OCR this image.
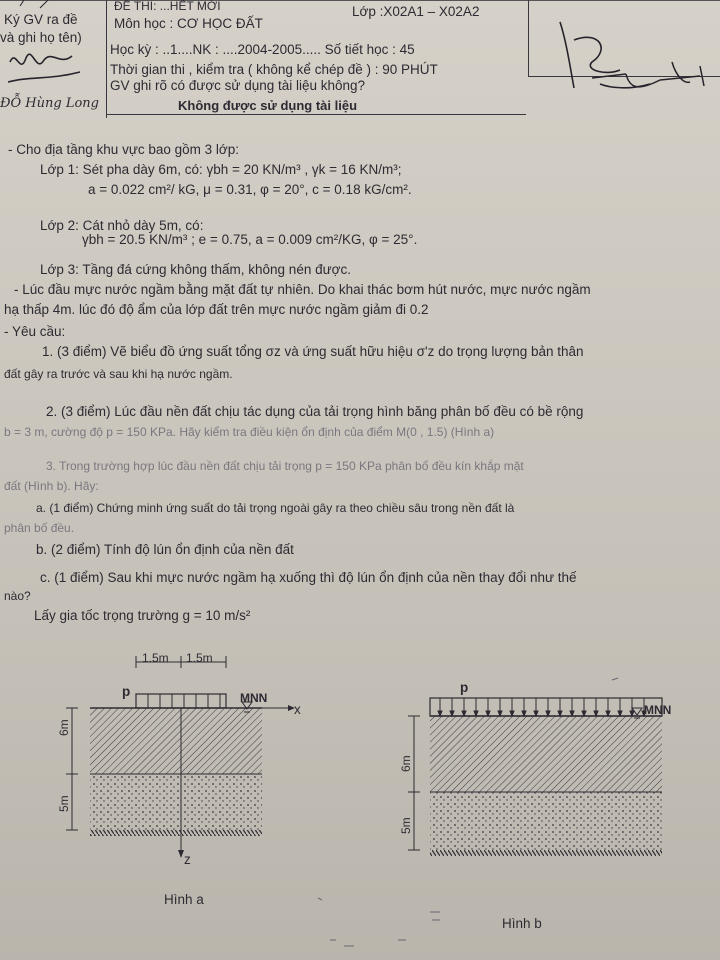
Ký GV ra đề
và ghi họ tên)
ĐỀ THI: ...HẾT MỚI	Lớp :X02A1 – X02A2
Môn học : CƠ HỌC ĐẤT
Học kỳ : ..1....NK : ....2004-2005..... Số tiết học : 45
Thời gian thi , kiểm tra ( không kể chép đề ) : 90 PHÚT
GV ghi rõ có được sử dụng tài liệu không?
Không được sử dụng tài liệu
ĐỖ Hùng Long
- Cho địa tầng khu vực bao gồm 3 lớp:
Lớp 1: Sét pha dày 6m, có: γbh = 20 KN/m³ , γk = 16 KN/m³;
a = 0.022 cm²/ kG, μ = 0.31, φ = 20°, c = 0.18 kG/cm².
Lớp 2: Cát nhỏ dày 5m, có:
γbh = 20.5 KN/m³ ; e = 0.75, a = 0.009 cm²/KG, φ = 25°.
Lớp 3: Tầng đá cứng không thấm, không nén được.
- Lúc đầu mực nước ngầm bằng mặt đất tự nhiên. Do khai thác bơm hút nước, mực nước ngầm
hạ thấp 4m. lúc đó độ ẩm của lớp đất trên mực nước ngầm giảm đi 0.2
- Yêu cầu:
1. (3 điểm) Vẽ biểu đồ ứng suất tổng σz và ứng suất hữu hiệu σ'z do trọng lượng bản thân
đất gây ra trước và sau khi hạ nước ngầm.
2. (3 điểm) Lúc đầu nền đất chịu tác dụng của tải trọng hình băng phân bố đều có bề rộng
b = 3 m, cường độ p = 150 KPa. Hãy kiểm tra điều kiện ổn định của điểm M(0 , 1.5) (Hình a)
3. Trong trường hợp lúc đầu nền đất chịu tải trọng p = 150 KPa phân bố đều kín khắp mặt
đất (Hình b). Hãy:
a. (1 điểm) Chứng minh ứng suất do tải trọng ngoài gây ra theo chiều sâu trong nền đất là
phân bố đều.
b. (2 điểm) Tính độ lún ổn định của nền đất
c. (1 điểm) Sau khi mực nước ngầm hạ xuống thì độ lún ổn định của nền thay đổi như thế
nào?
Lấy gia tốc trọng trường g = 10 m/s²
1.5m 1.5m
p	MNN
x
z
6m
5m
Hình a
p
MNN
6m
5m
Hình b
